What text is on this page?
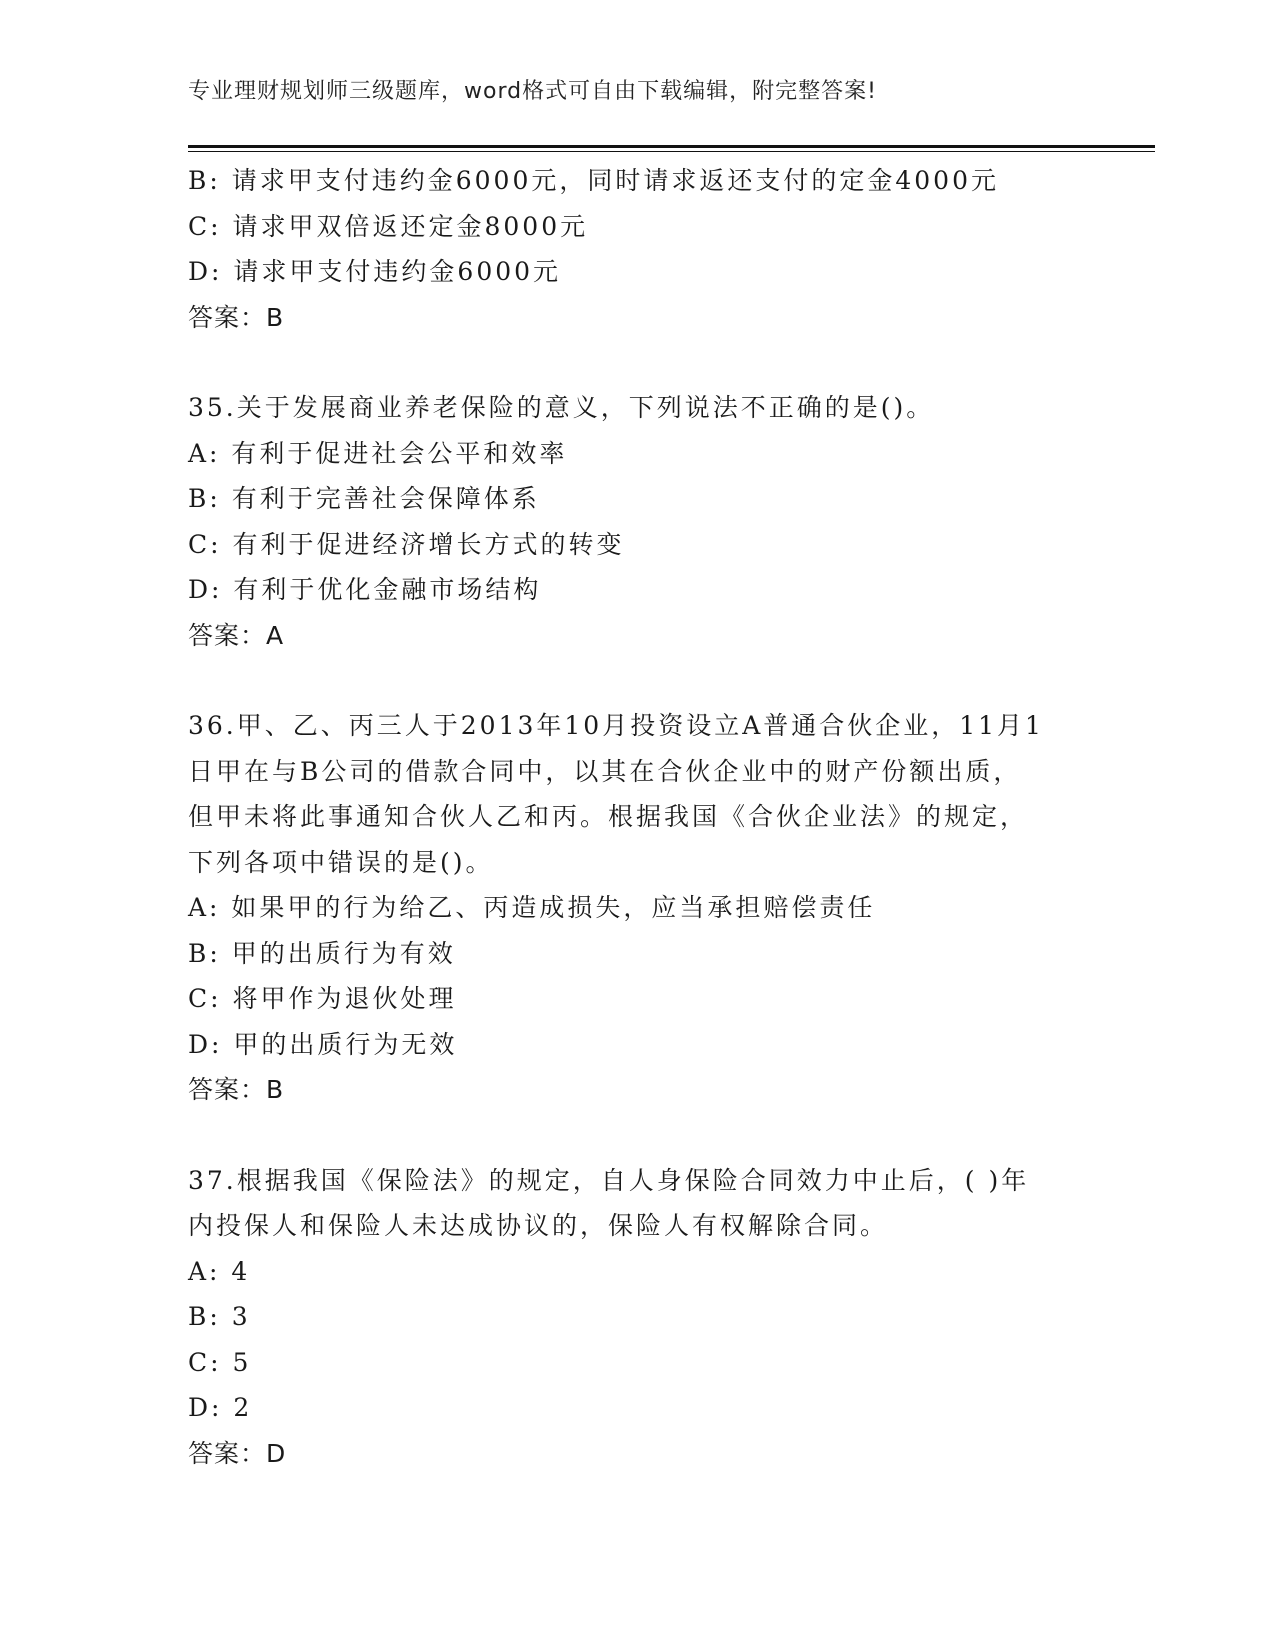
专业理财规划师三级题库，word格式可自由下载编辑，附完整答案!
B: 请求甲支付违约金6000元，同时请求返还支付的定金4000元
C: 请求甲双倍返还定金8000元
D: 请求甲支付违约金6000元
答案：B
35.关于发展商业养老保险的意义，下列说法不正确的是()。
A: 有利于促进社会公平和效率
B: 有利于完善社会保障体系
C: 有利于促进经济增长方式的转变
D: 有利于优化金融市场结构
答案：A
36.甲、乙、丙三人于2013年10月投资设立A普通合伙企业，11月1
日甲在与B公司的借款合同中，以其在合伙企业中的财产份额出质，
但甲未将此事通知合伙人乙和丙。根据我国《合伙企业法》的规定，
下列各项中错误的是()。
A: 如果甲的行为给乙、丙造成损失，应当承担赔偿责任
B: 甲的出质行为有效
C: 将甲作为退伙处理
D: 甲的出质行为无效
答案：B
37.根据我国《保险法》的规定，自人身保险合同效力中止后，( )年
内投保人和保险人未达成协议的，保险人有权解除合同。
A: 4
B: 3
C: 5
D: 2
答案：D
